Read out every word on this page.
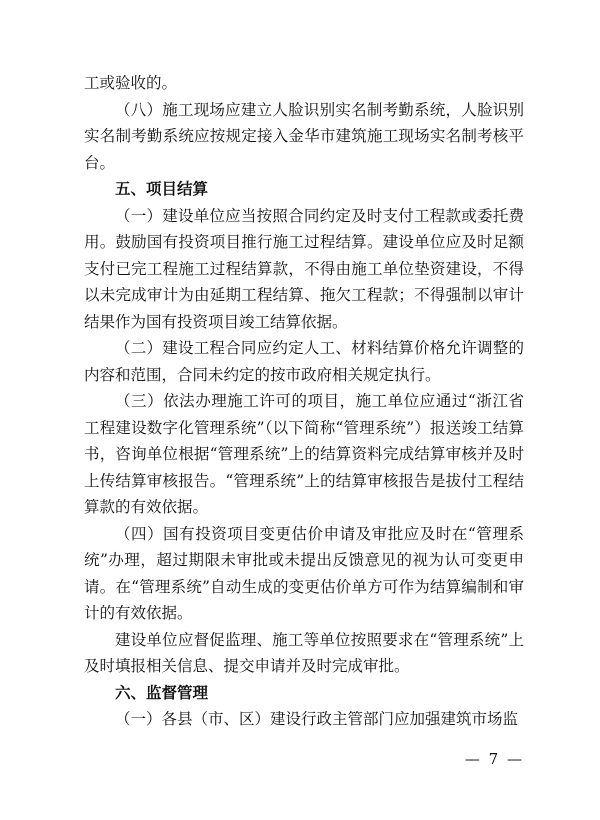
工或验收的。

（八）施工现场应建立人脸识别实名制考勤系统，人脸识别实名制考勤系统应按规定接入金华市建筑施工现场实名制考核平台。

五、项目结算

（一）建设单位应当按照合同约定及时支付工程款或委托费用。鼓励国有投资项目推行施工过程结算。建设单位应及时足额支付已完工程施工过程结算款，不得由施工单位垫资建设，不得以未完成审计为由延期工程结算、拖欠工程款；不得强制以审计结果作为国有投资项目竣工结算依据。

（二）建设工程合同应约定人工、材料结算价格允许调整的内容和范围，合同未约定的按市政府相关规定执行。

（三）依法办理施工许可的项目，施工单位应通过“浙江省工程建设数字化管理系统”（以下简称“管理系统”）报送竣工结算书，咨询单位根据“管理系统”上的结算资料完成结算审核并及时上传结算审核报告。“管理系统”上的结算审核报告是拔付工程结算款的有效依据。

（四）国有投资项目变更估价申请及审批应及时在“管理系统”办理，超过期限未审批或未提出反馈意见的视为认可变更申请。在“管理系统”自动生成的变更估价单方可作为结算编制和审计的有效依据。

建设单位应督促监理、施工等单位按照要求在“管理系统”上及时填报相关信息、提交申请并及时完成审批。

六、监督管理

（一）各县（市、区）建设行政主管部门应加强建筑市场监

— 7 —
